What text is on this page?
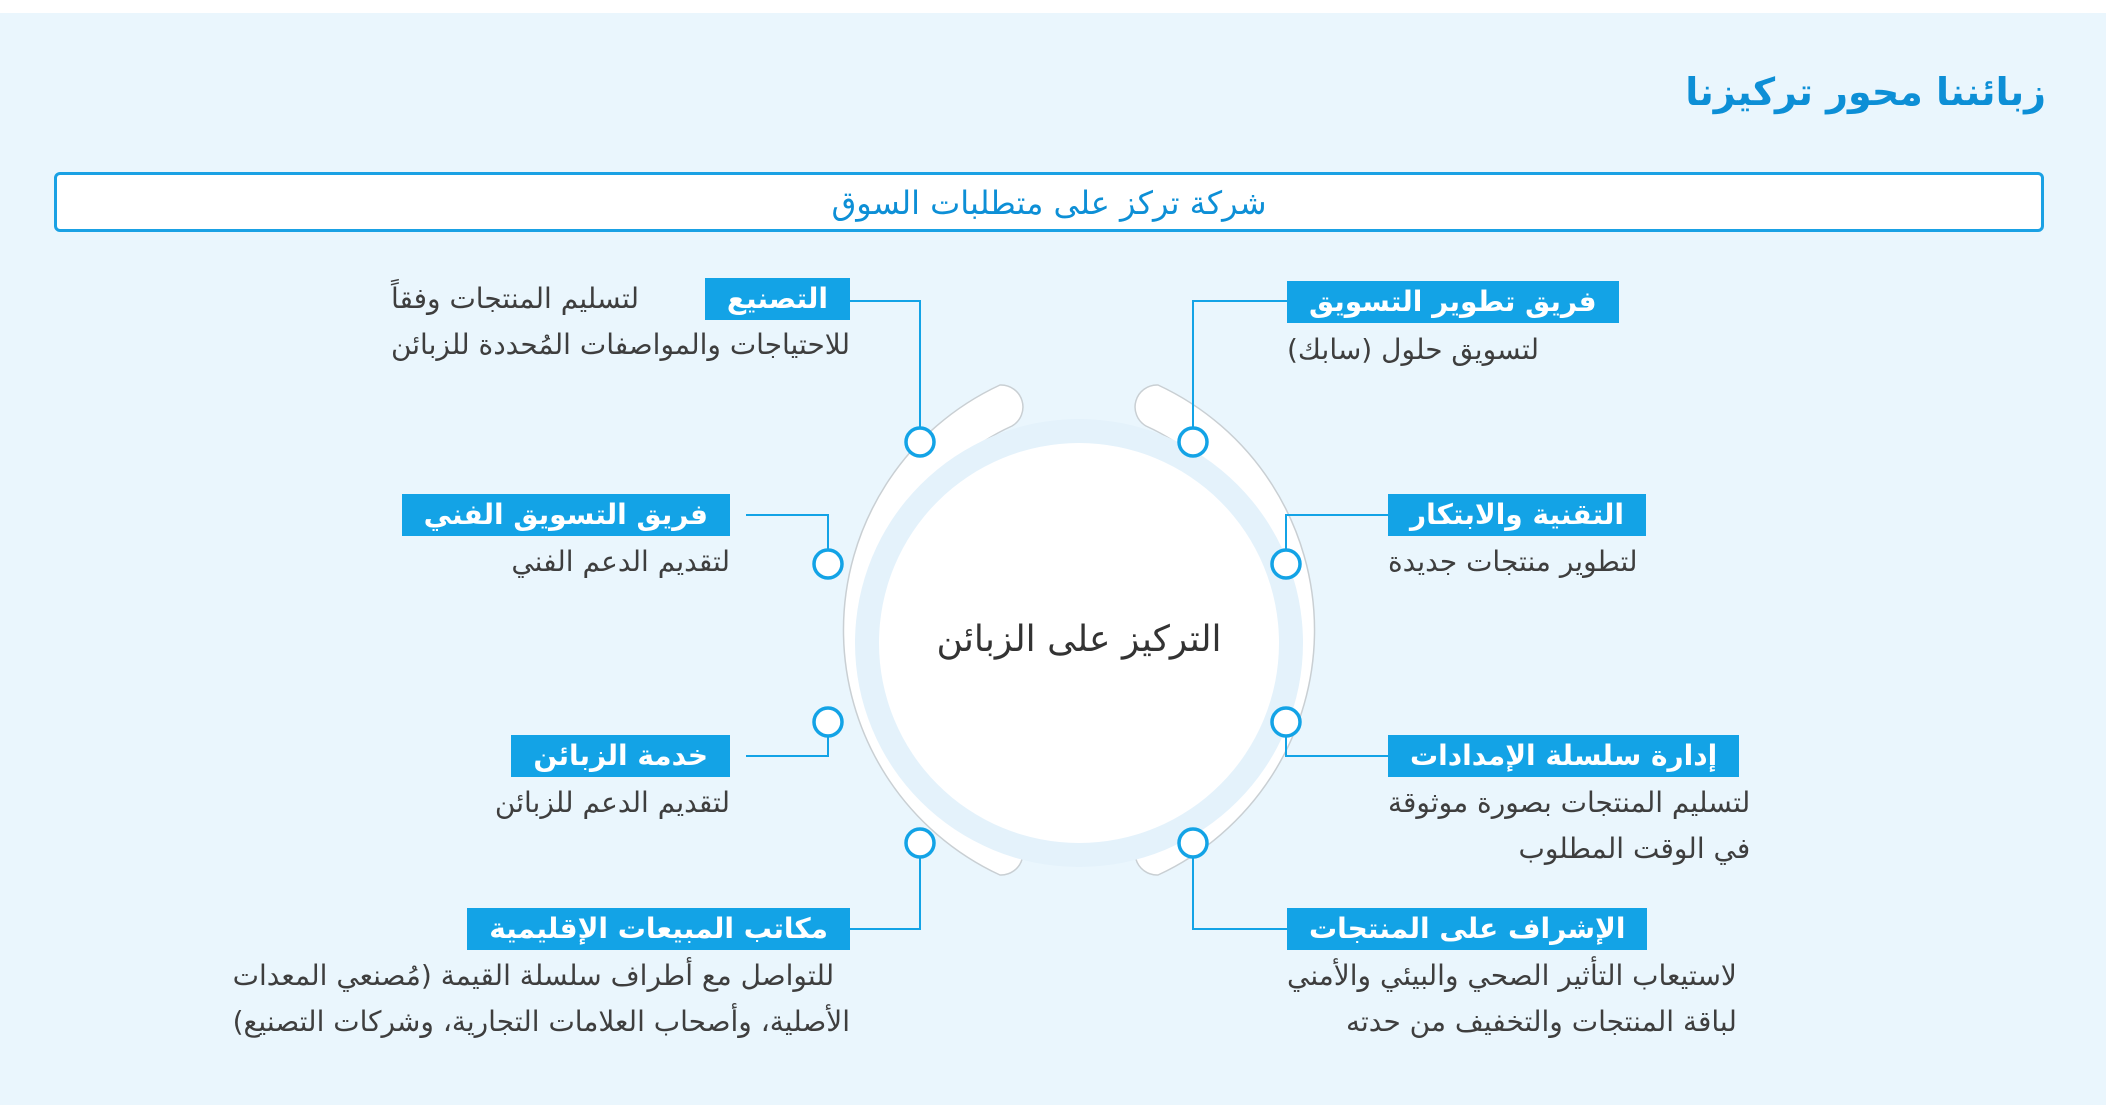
زبائننا محور تركيزنا
شركة تركز على متطلبات السوق
التركيز على الزبائن
فريق تطوير التسويق
لتسويق حلول (سابك)
التقنية والابتكار
لتطوير منتجات جديدة
إدارة سلسلة الإمدادات
لتسليم المنتجات بصورة موثوقة
في الوقت المطلوب
الإشراف على المنتجات
لاستيعاب التأثير الصحي والبيئي والأمني
لباقة المنتجات والتخفيف من حدته
التصنيع
لتسليم المنتجات وفقاً
للاحتياجات والمواصفات المُحددة للزبائن
فريق التسويق الفني
لتقديم الدعم الفني
خدمة الزبائن
لتقديم الدعم للزبائن
مكاتب المبيعات الإقليمية
للتواصل مع أطراف سلسلة القيمة (مُصنعي المعدات
الأصلية، وأصحاب العلامات التجارية، وشركات التصنيع)
